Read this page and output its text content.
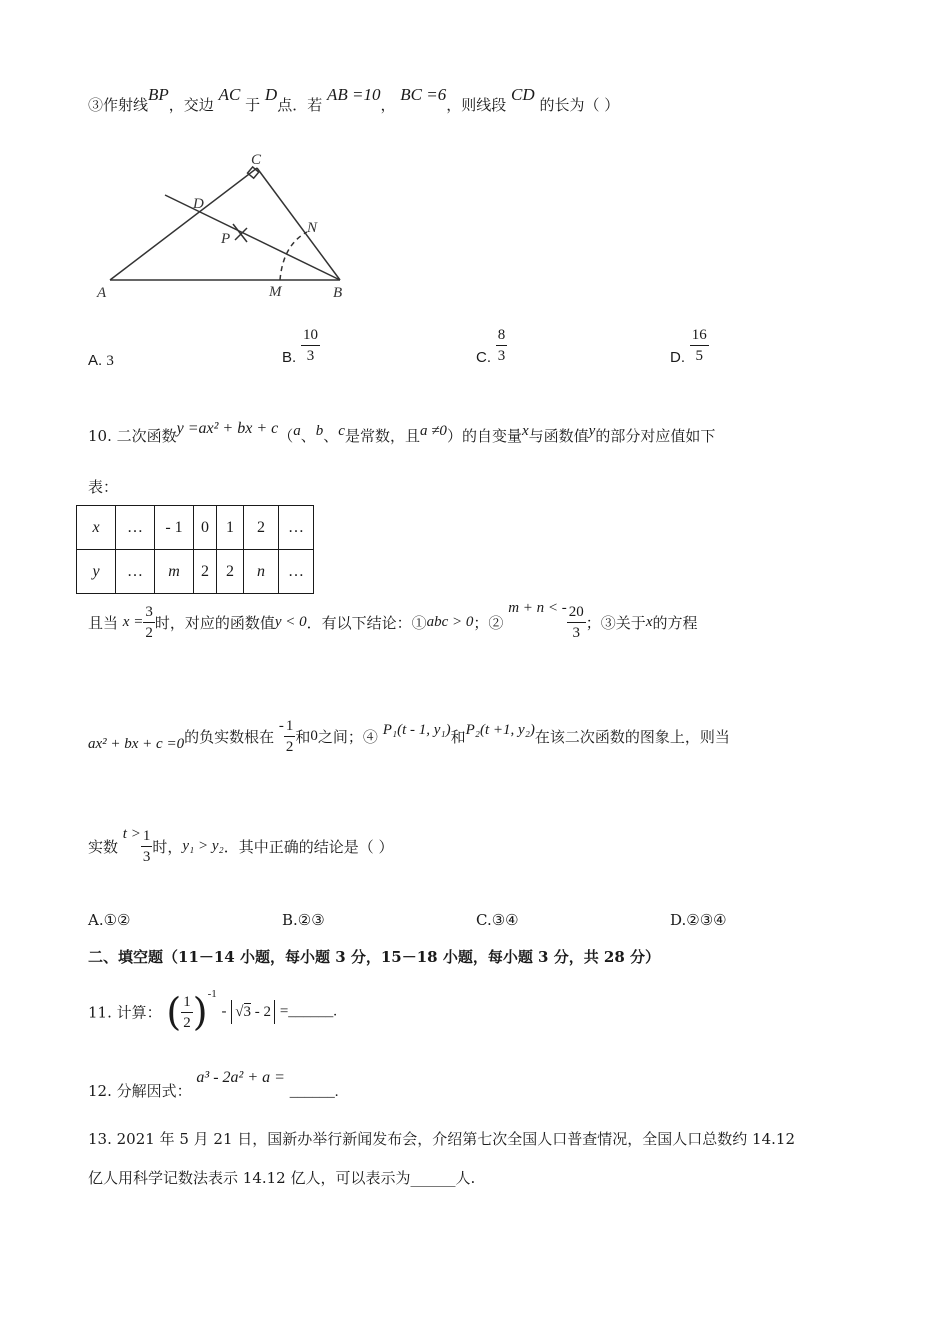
③作射线BP，交边 AC 于 D点．若 AB =10， BC =6，则线段 CD 的长为（ ）
A	B
C
D
P
N
M
A. 3	B. $\frac{10}{3}$	C. $\frac{8}{3}$	D. $\frac{16}{5}$
10. 二次函数y =ax² + bx + c（a、b、c是常数，且a ≠0）的自变量x与函数值y的部分对应值如下
表：
x	…	- 1	0	1	2	…
y	…	m	2	2	n	…
且当 $x = \frac{3}{2}$ 时，对应的函数值y < 0．有以下结论：①abc > 0；② m + n < - $\frac{20}{3}$ ；③关于x的方程
ax² + bx + c =0的负实数根在 - $\frac{1}{2}$ 和0之间；④ P₁(t - 1, y₁)和P₂(t +1, y₂)在该二次函数的图象上，则当
实数 $t > \frac{1}{3}$ 时，y₁ > y₂．其中正确的结论是（ ）
A.①②	B.②③	C.③④	D.②③④
二、填空题（11－14 小题，每小题 3 分，15－18 小题，每小题 3 分，共 28 分）
11. 计算： ( $\frac{1}{2} )^{-1} - √3 - 2$ =______.
12. 分解因式： a³ - 2a² + a = ______.
13. 2021 年 5 月 21 日，国新办举行新闻发布会，介绍第七次全国人口普查情况，全国人口总数约 14.12
亿人用科学记数法表示 14.12 亿人，可以表示为______人.
